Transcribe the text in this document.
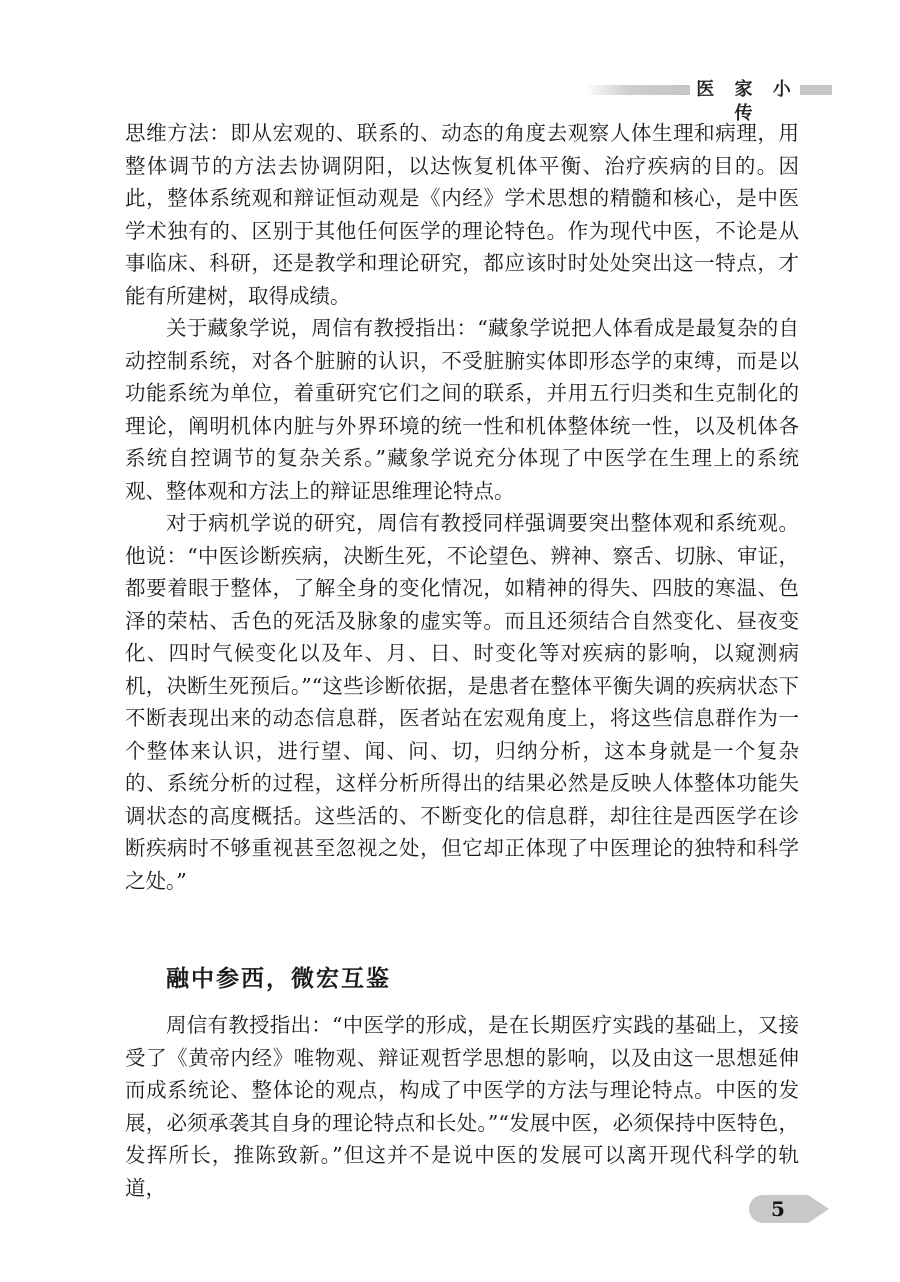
医 家 小 传

思维方法：即从宏观的、联系的、动态的角度去观察人体生理和病理，用整体调节的方法去协调阴阳，以达恢复机体平衡、治疗疾病的目的。因此，整体系统观和辩证恒动观是《内经》学术思想的精髓和核心，是中医学术独有的、区别于其他任何医学的理论特色。作为现代中医，不论是从事临床、科研，还是教学和理论研究，都应该时时处处突出这一特点，才能有所建树，取得成绩。

关于藏象学说，周信有教授指出：“藏象学说把人体看成是最复杂的自动控制系统，对各个脏腑的认识，不受脏腑实体即形态学的束缚，而是以功能系统为单位，着重研究它们之间的联系，并用五行归类和生克制化的理论，阐明机体内脏与外界环境的统一性和机体整体统一性，以及机体各系统自控调节的复杂关系。”藏象学说充分体现了中医学在生理上的系统观、整体观和方法上的辩证思维理论特点。

对于病机学说的研究，周信有教授同样强调要突出整体观和系统观。他说：“中医诊断疾病，决断生死，不论望色、辨神、察舌、切脉、审证，都要着眼于整体，了解全身的变化情况，如精神的得失、四肢的寒温、色泽的荣枯、舌色的死活及脉象的虚实等。而且还须结合自然变化、昼夜变化、四时气候变化以及年、月、日、时变化等对疾病的影响，以窥测病机，决断生死预后。”“这些诊断依据，是患者在整体平衡失调的疾病状态下不断表现出来的动态信息群，医者站在宏观角度上，将这些信息群作为一个整体来认识，进行望、闻、问、切，归纳分析，这本身就是一个复杂的、系统分析的过程，这样分析所得出的结果必然是反映人体整体功能失调状态的高度概括。这些活的、不断变化的信息群，却往往是西医学在诊断疾病时不够重视甚至忽视之处，但它却正体现了中医理论的独特和科学之处。”

融中参西，微宏互鉴

周信有教授指出：“中医学的形成，是在长期医疗实践的基础上，又接受了《黄帝内经》唯物观、辩证观哲学思想的影响，以及由这一思想延伸而成系统论、整体论的观点，构成了中医学的方法与理论特点。中医的发展，必须承袭其自身的理论特点和长处。”“发展中医，必须保持中医特色，发挥所长，推陈致新。”但这并不是说中医的发展可以离开现代科学的轨道，

5
